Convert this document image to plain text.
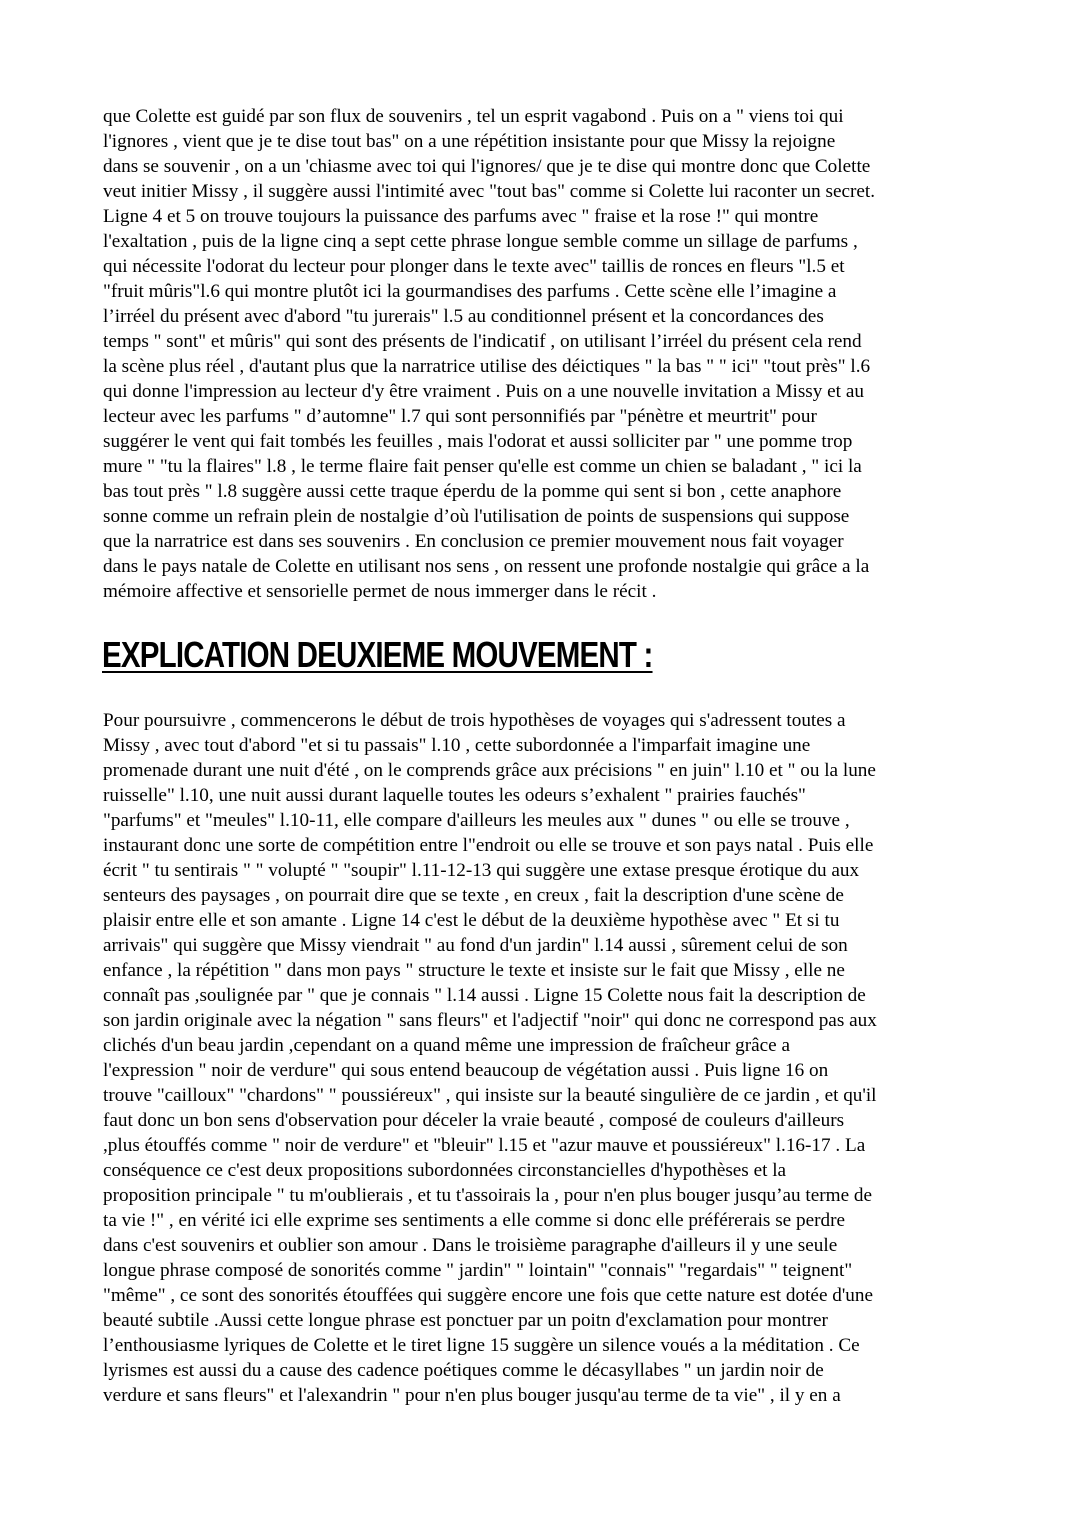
que Colette est guidé par son flux de souvenirs , tel un esprit vagabond . Puis on a " viens toi qui
l'ignores , vient que je te dise tout bas" on a une répétition insistante pour que Missy la rejoigne
dans se souvenir , on a un 'chiasme avec toi qui l'ignores/ que je te dise qui montre donc que Colette
veut initier Missy , il suggère aussi l'intimité avec "tout bas" comme si Colette lui raconter un secret.
Ligne 4 et 5 on trouve toujours la puissance des parfums avec " fraise et la rose !" qui montre
l'exaltation , puis de la ligne cinq a sept cette phrase longue semble comme un sillage de parfums ,
qui nécessite l'odorat du lecteur pour plonger dans le texte avec" taillis de ronces en fleurs "l.5 et
"fruit mûris"l.6 qui montre plutôt ici la gourmandises des parfums . Cette scène elle l’imagine a
l’irréel du présent avec d'abord "tu jurerais" l.5 au conditionnel présent et la concordances des
temps " sont" et mûris" qui sont des présents de l'indicatif , on utilisant l’irréel du présent cela rend
la scène plus réel , d'autant plus que la narratrice utilise des déictiques " la bas " " ici" "tout près" l.6
qui donne l'impression au lecteur d'y être vraiment . Puis on a une nouvelle invitation a Missy et au
lecteur avec les parfums " d’automne" l.7 qui sont personnifiés par "pénètre et meurtrit" pour
suggérer le vent qui fait tombés les feuilles , mais l'odorat et aussi solliciter par " une pomme trop
mure " "tu la flaires" l.8 , le terme flaire fait penser qu'elle est comme un chien se baladant , " ici la
bas tout près " l.8 suggère aussi cette traque éperdu de la pomme qui sent si bon , cette anaphore
sonne comme un refrain plein de nostalgie d’où l'utilisation de points de suspensions qui suppose
que la narratrice est dans ses souvenirs . En conclusion ce premier mouvement nous fait voyager
dans le pays natale de Colette en utilisant nos sens , on ressent une profonde nostalgie qui grâce a la
mémoire affective et sensorielle permet de nous immerger dans le récit .

EXPLICATION DEUXIEME MOUVEMENT :

Pour poursuivre , commencerons le début de trois hypothèses de voyages qui s'adressent toutes a
Missy , avec tout d'abord "et si tu passais" l.10 , cette subordonnée a l'imparfait imagine une
promenade durant une nuit d'été , on le comprends grâce aux précisions " en juin" l.10 et " ou la lune
ruisselle" l.10, une nuit aussi durant laquelle toutes les odeurs s’exhalent " prairies fauchés"
"parfums" et "meules" l.10-11, elle compare d'ailleurs les meules aux " dunes " ou elle se trouve ,
instaurant donc une sorte de compétition entre l"endroit ou elle se trouve et son pays natal . Puis elle
écrit " tu sentirais " " volupté " "soupir" l.11-12-13 qui suggère une extase presque érotique du aux
senteurs des paysages , on pourrait dire que se texte , en creux , fait la description d'une scène de
plaisir entre elle et son amante . Ligne 14 c'est le début de la deuxième hypothèse avec " Et si tu
arrivais" qui suggère que Missy viendrait " au fond d'un jardin" l.14 aussi , sûrement celui de son
enfance , la répétition " dans mon pays " structure le texte et insiste sur le fait que Missy , elle ne
connaît pas ,soulignée par " que je connais " l.14 aussi . Ligne 15 Colette nous fait la description de
son jardin originale avec la négation " sans fleurs" et l'adjectif "noir" qui donc ne correspond pas aux
clichés d'un beau jardin ,cependant on a quand même une impression de fraîcheur grâce a
l'expression " noir de verdure" qui sous entend beaucoup de végétation aussi . Puis ligne 16 on
trouve "cailloux" "chardons" " poussiéreux" , qui insiste sur la beauté singulière de ce jardin , et qu'il
faut donc un bon sens d'observation pour déceler la vraie beauté , composé de couleurs d'ailleurs
,plus étouffés comme " noir de verdure" et "bleuir" l.15 et "azur mauve et poussiéreux" l.16-17 . La
conséquence ce c'est deux propositions subordonnées circonstancielles d'hypothèses et la
proposition principale " tu m'oublierais , et tu t'assoirais la , pour n'en plus bouger jusqu’au terme de
ta vie !" , en vérité ici elle exprime ses sentiments a elle comme si donc elle préférerais se perdre
dans c'est souvenirs et oublier son amour . Dans le troisième paragraphe d'ailleurs il y une seule
longue phrase composé de sonorités comme " jardin" " lointain" "connais" "regardais" " teignent"
"même" , ce sont des sonorités étouffées qui suggère encore une fois que cette nature est dotée d'une
beauté subtile .Aussi cette longue phrase est ponctuer par un poitn d'exclamation pour montrer
l’enthousiasme lyriques de Colette et le tiret ligne 15 suggère un silence voués a la méditation . Ce
lyrismes est aussi du a cause des cadence poétiques comme le décasyllabes " un jardin noir de
verdure et sans fleurs" et l'alexandrin " pour n'en plus bouger jusqu'au terme de ta vie" , il y en a
